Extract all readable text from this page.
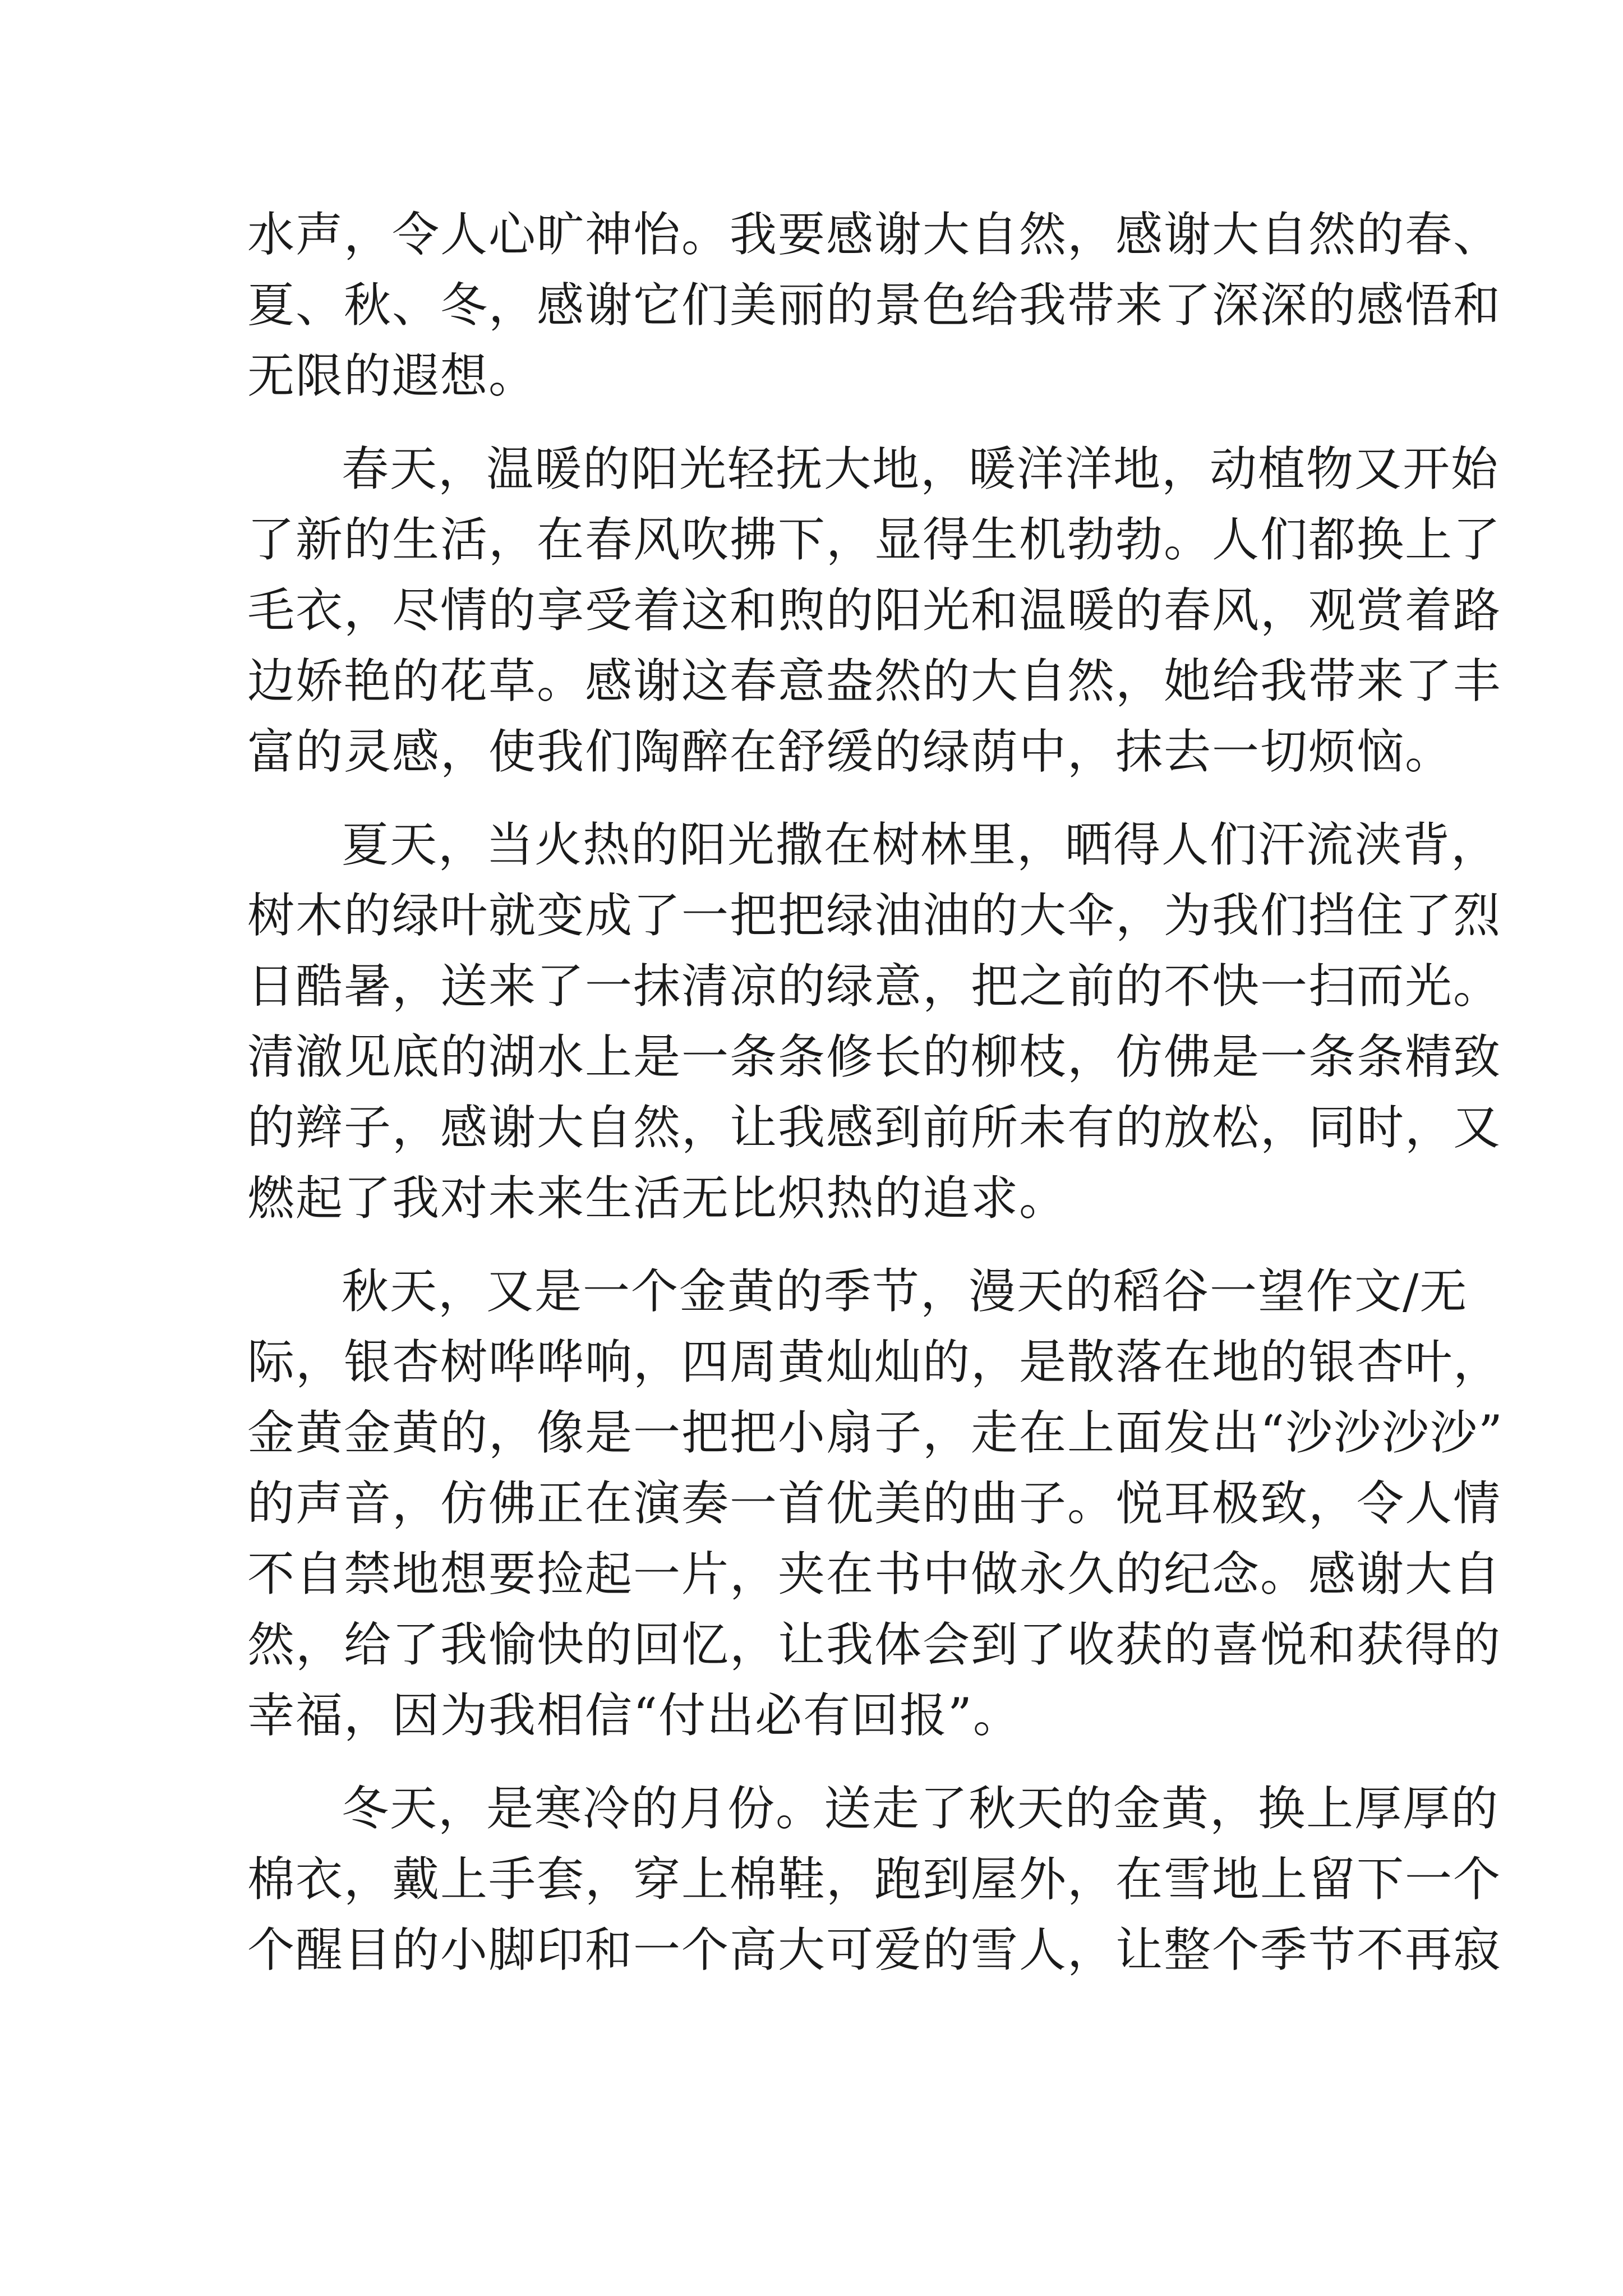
水声，令人心旷神怡。我要感谢大自然，感谢大自然的春、
夏、秋、冬，感谢它们美丽的景色给我带来了深深的感悟和
无限的遐想。
春天，温暖的阳光轻抚大地，暖洋洋地，动植物又开始
了新的生活，在春风吹拂下，显得生机勃勃。人们都换上了
毛衣，尽情的享受着这和煦的阳光和温暖的春风，观赏着路
边娇艳的花草。感谢这春意盎然的大自然，她给我带来了丰
富的灵感，使我们陶醉在舒缓的绿荫中，抹去一切烦恼。
夏天，当火热的阳光撒在树林里，晒得人们汗流浃背，
树木的绿叶就变成了一把把绿油油的大伞，为我们挡住了烈
日酷暑，送来了一抹清凉的绿意，把之前的不快一扫而光。
清澈见底的湖水上是一条条修长的柳枝，仿佛是一条条精致
的辫子，感谢大自然，让我感到前所未有的放松，同时，又
燃起了我对未来生活无比炽热的追求。
秋天，又是一个金黄的季节，漫天的稻谷一望作文/无
际，银杏树哗哗响，四周黄灿灿的，是散落在地的银杏叶，
金黄金黄的，像是一把把小扇子，走在上面发出“沙沙沙沙”
的声音，仿佛正在演奏一首优美的曲子。悦耳极致，令人情
不自禁地想要捡起一片，夹在书中做永久的纪念。感谢大自
然，给了我愉快的回忆，让我体会到了收获的喜悦和获得的
幸福，因为我相信“付出必有回报”。
冬天，是寒冷的月份。送走了秋天的金黄，换上厚厚的
棉衣，戴上手套，穿上棉鞋，跑到屋外，在雪地上留下一个
个醒目的小脚印和一个高大可爱的雪人，让整个季节不再寂
